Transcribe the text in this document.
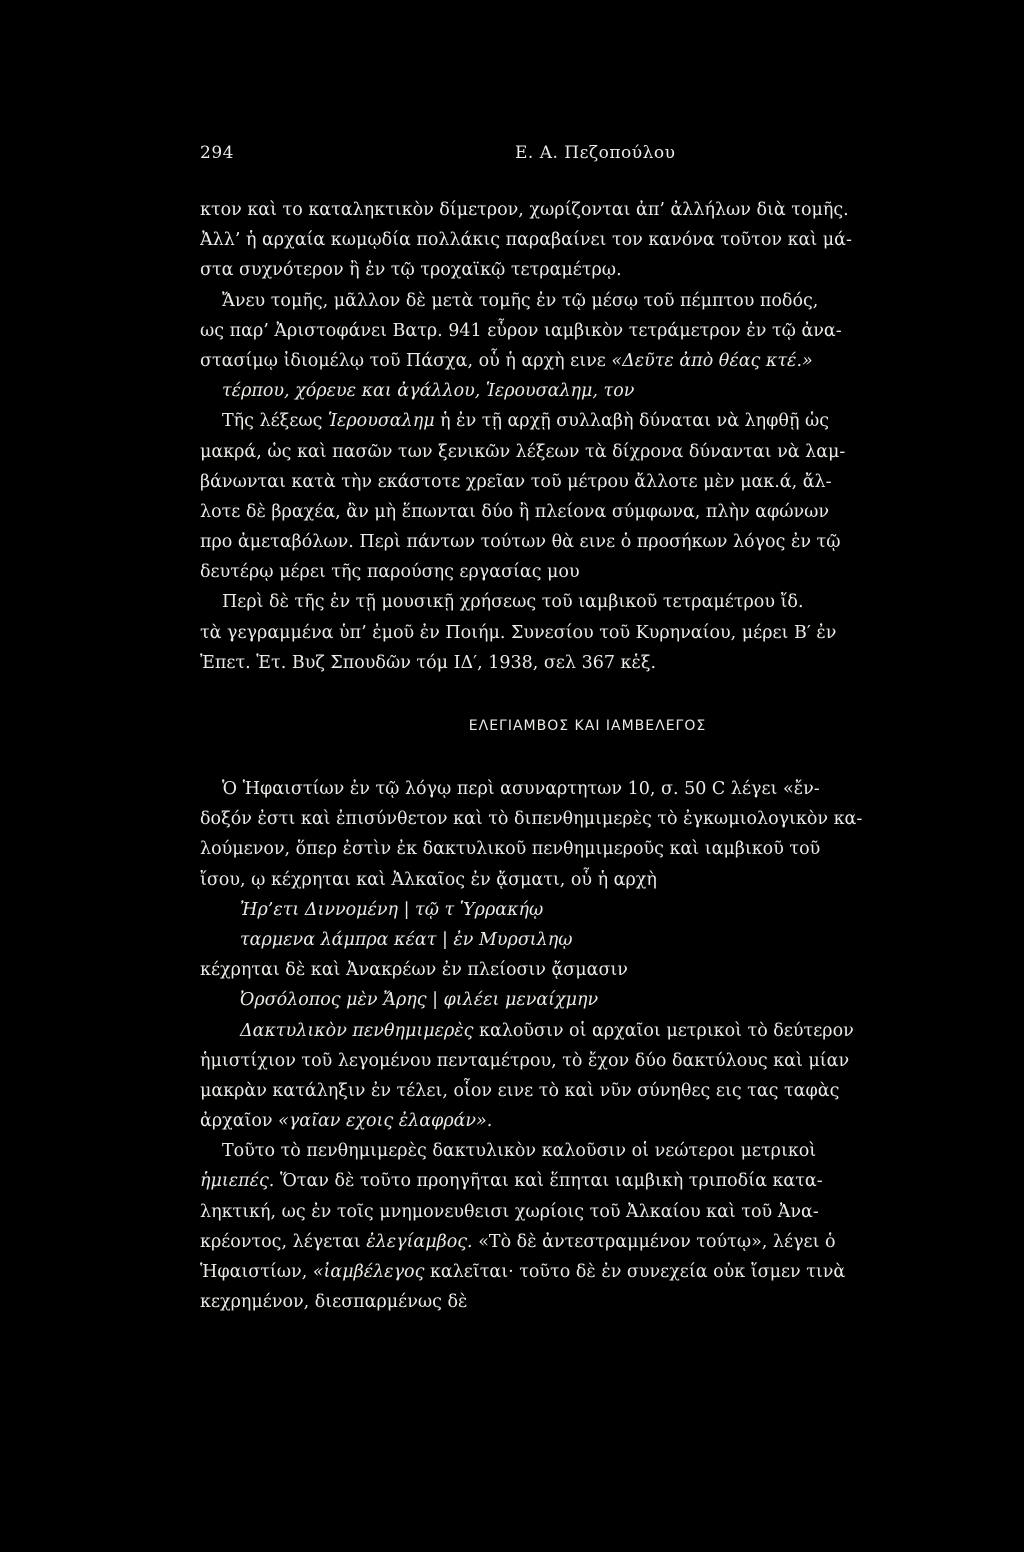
294	Ε. Α. Πεζοπούλου
κτον καὶ το καταληκτικὸν δίμετρον, χωρίζονται ἀπ’ ἀλλήλων διὰ τομῆς.
Ἀλλ’ ἡ αρχαία κωμῳδία πολλάκις παραβαίνει τον κανόνα τοῦτον καὶ μά-
στα συχνότερον ἢ ἐν τῷ τροχαϊκῷ τετραμέτρῳ.
Ἄνευ τομῆς, μᾶλλον δὲ μετὰ τομῆς ἐν τῷ μέσῳ τοῦ πέμπτου ποδός,
ως παρ’ Ἀριστοφάνει Βατρ. 941 εὗρον ιαμβικὸν τετράμετρον ἐν τῷ ἀνα-
στασίμῳ ἰδιομέλῳ τοῦ Πάσχα, οὗ ἡ αρχὴ εινε «Δεῦτε ἀπὸ θέας κτέ.»
τέρπου, χόρευε και ἀγάλλου, Ἱερουσαλημ, τον
Τῆς λέξεως Ἱερουσαλημ ἡ ἐν τῇ αρχῇ συλλαβὴ δύναται νὰ ληφθῇ ὡς
μακρά, ὡς καὶ πασῶν των ξενικῶν λέξεων τὰ δίχρονα δύνανται νὰ λαμ-
βάνωνται κατὰ τὴν εκάστοτε χρεῖαν τοῦ μέτρου ἄλλοτε μὲν μακ.ά, ἄλ-
λοτε δὲ βραχέα, ἂν μὴ ἕπωνται δύο ἢ πλείονα σύμφωνα, πλὴν αφώνων
προ ἀμεταβόλων. Περὶ πάντων τούτων θὰ εινε ὁ προσήκων λόγος ἐν τῷ
δευτέρῳ μέρει τῆς παρούσης εργασίας μου
Περὶ δὲ τῆς ἐν τῇ μουσικῇ χρήσεως τοῦ ιαμβικοῦ τετραμέτρου ἴδ.
τὰ γεγραμμένα ὑπ’ ἐμοῦ ἐν Ποιήμ. Συνεσίου τοῦ Κυρηναίου, μέρει Β′ ἐν
Ἐπετ. Ἑτ. Βυζ Σπουδῶν τόμ ΙΔ′, 1938, σελ 367 κἑξ.
ΕΛΕΓΙΑΜΒΟΣ ΚΑΙ ΙΑΜΒΕΛΕΓΟΣ
Ὁ Ἡφαιστίων ἐν τῷ λόγῳ περὶ ασυναρτητων 10, σ. 50 C λέγει «ἔν-
δοξόν ἐστι καὶ ἐπισύνθετον καὶ τὸ διπενθημιμερὲς τὸ ἐγκωμιολογικὸν κα-
λούμενον, ὅπερ ἐστὶν ἐκ δακτυλικοῦ πενθημιμεροῦς καὶ ιαμβικοῦ τοῦ
ἴσου, ῳ κέχρηται καὶ Ἀλκαῖος ἐν ᾄσματι, οὗ ἡ αρχὴ
Ἠρ’ετι Διννομένη | τῷ τ Ὑρρακήῳ
ταρμενα λάμπρα κέατ | ἐν Μυρσιληῳ
κέχρηται δὲ καὶ Ἀνακρέων ἐν πλείοσιν ᾄσμασιν
Ὀρσόλοπος μὲν Ἄρης | φιλέει μεναίχμην
Δακτυλικὸν πενθημιμερὲς καλοῦσιν οἱ αρχαῖοι μετρικοὶ τὸ δεύτερον
ἡμιστίχιον τοῦ λεγομένου πενταμέτρου, τὸ ἔχον δύο δακτύλους καὶ μίαν
μακρὰν κατάληξιν ἐν τέλει, οἷον εινε τὸ καὶ νῦν σύνηθες εις τας ταφὰς
ἀρχαῖον «γαῖαν εχοις ἐλαφράν».
Τοῦτο τὸ πενθημιμερὲς δακτυλικὸν καλοῦσιν οἱ νεώτεροι μετρικοὶ
ἡμιεπές. Ὅταν δὲ τοῦτο προηγῆται καὶ ἕπηται ιαμβικὴ τριποδία κατα-
ληκτική, ως ἐν τοῖς μνημονευθεισι χωρίοις τοῦ Ἀλκαίου καὶ τοῦ Ἀνα-
κρέοντος, λέγεται ἐλεγίαμβος. «Τὸ δὲ ἀντεστραμμένον τούτῳ», λέγει ὁ
Ἡφαιστίων, «ἰαμβέλεγος καλεῖται· τοῦτο δὲ ἐν συνεχεία οὐκ ἴσμεν τινὰ
κεχρημένον, διεσπαρμένως δὲ
